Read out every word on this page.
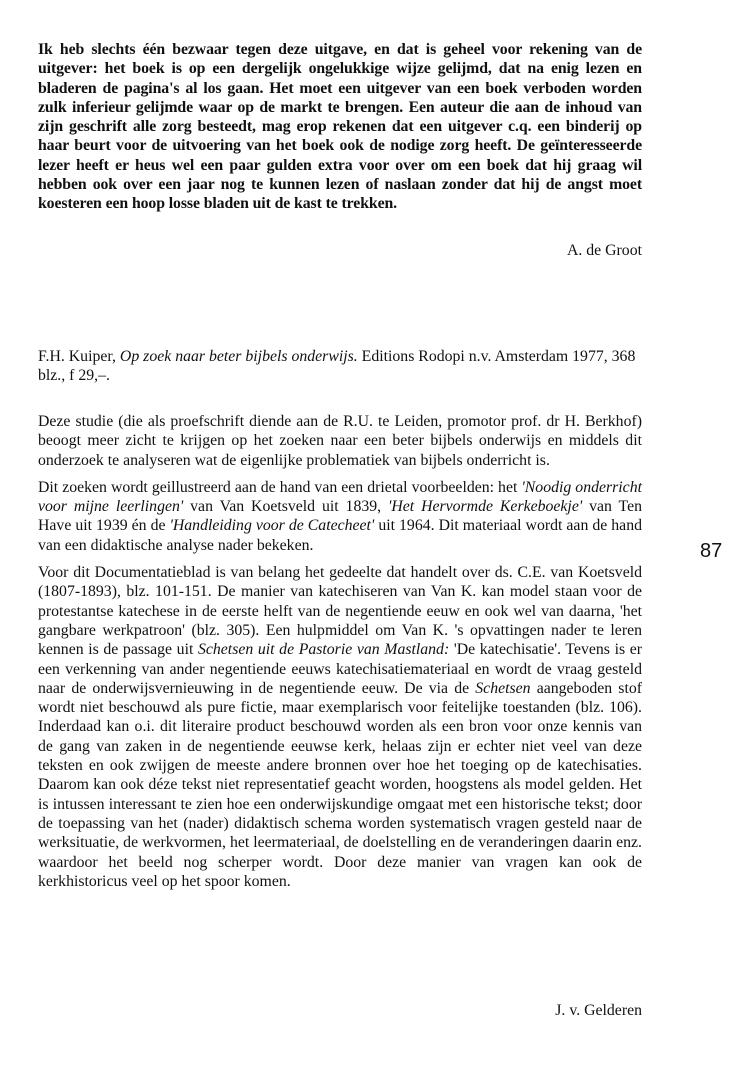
Ik heb slechts één bezwaar tegen deze uitgave, en dat is geheel voor rekening van de uitgever: het boek is op een dergelijk ongelukkige wijze gelijmd, dat na enig lezen en bladeren de pagina's al los gaan. Het moet een uitgever van een boek verboden worden zulk inferieur gelijmde waar op de markt te brengen. Een auteur die aan de inhoud van zijn geschrift alle zorg besteedt, mag erop rekenen dat een uitgever c.q. een binderij op haar beurt voor de uitvoering van het boek ook de nodige zorg heeft. De geïnteresseerde lezer heeft er heus wel een paar gulden extra voor over om een boek dat hij graag wil hebben ook over een jaar nog te kunnen lezen of naslaan zonder dat hij de angst moet koesteren een hoop losse bladen uit de kast te trekken.

A. de Groot

F.H. Kuiper, Op zoek naar beter bijbels onderwijs. Editions Rodopi n.v. Amsterdam 1977, 368 blz., f 29,–.

Deze studie (die als proefschrift diende aan de R.U. te Leiden, promotor prof. dr H. Berkhof) beoogt meer zicht te krijgen op het zoeken naar een beter bijbels onderwijs en middels dit onderzoek te analyseren wat de eigenlijke problematiek van bijbels onderricht is.

Dit zoeken wordt geillustreerd aan de hand van een drietal voorbeelden: het 'Noodig onderricht voor mijne leerlingen' van Van Koetsveld uit 1839, 'Het Hervormde Kerkeboekje' van Ten Have uit 1939 én de 'Handleiding voor de Catecheet' uit 1964. Dit materiaal wordt aan de hand van een didaktische analyse nader bekeken.

Voor dit Documentatieblad is van belang het gedeelte dat handelt over ds. C.E. van Koetsveld (1807-1893), blz. 101-151. De manier van katechiseren van Van K. kan model staan voor de protestantse katechese in de eerste helft van de negentiende eeuw en ook wel van daarna, 'het gangbare werkpatroon' (blz. 305). Een hulpmiddel om Van K. 's opvattingen nader te leren kennen is de passage uit Schetsen uit de Pastorie van Mastland: 'De katechisatie'. Tevens is er een verkenning van ander negentiende eeuws katechisatiemateriaal en wordt de vraag gesteld naar de onderwijsvernieuwing in de negentiende eeuw. De via de Schetsen aangeboden stof wordt niet beschouwd als pure fictie, maar exemplarisch voor feitelijke toestanden (blz. 106). Inderdaad kan o.i. dit literaire product beschouwd worden als een bron voor onze kennis van de gang van zaken in de negentiende eeuwse kerk, helaas zijn er echter niet veel van deze teksten en ook zwijgen de meeste andere bronnen over hoe het toeging op de katechisaties. Daarom kan ook déze tekst niet representatief geacht worden, hoogstens als model gelden. Het is intussen interessant te zien hoe een onderwijskundige omgaat met een historische tekst; door de toepassing van het (nader) didaktisch schema worden systematisch vragen gesteld naar de werksituatie, de werkvormen, het leermateriaal, de doelstelling en de veranderingen daarin enz. waardoor het beeld nog scherper wordt. Door deze manier van vragen kan ook de kerkhistoricus veel op het spoor komen.

J. v. Gelderen
87
